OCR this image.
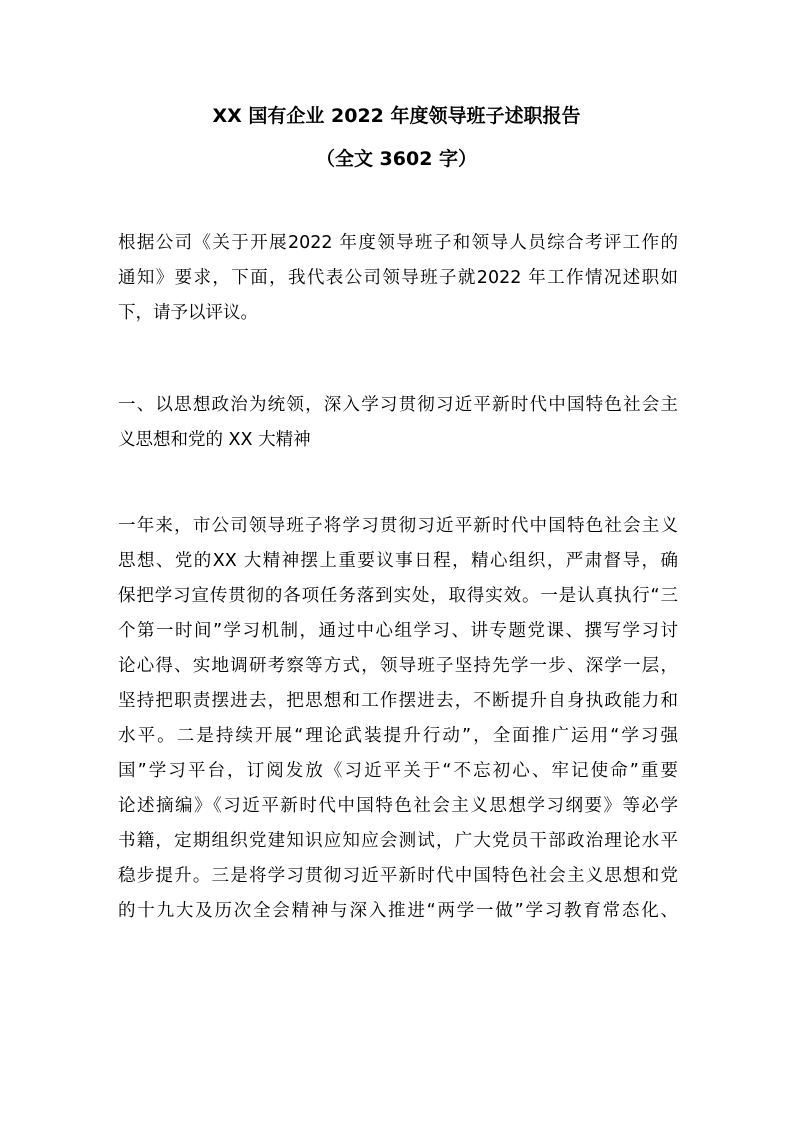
XX 国有企业 2022 年度领导班子述职报告
（全文 3602 字）
根据公司《关于开展2022 年度领导班子和领导人员综合考评工作的
通知》要求，下面，我代表公司领导班子就2022 年工作情况述职如
下，请予以评议。
一、以思想政治为统领，深入学习贯彻习近平新时代中国特色社会主
义思想和党的 XX 大精神
一年来，市公司领导班子将学习贯彻习近平新时代中国特色社会主义
思想、党的XX 大精神摆上重要议事日程，精心组织，严肃督导，确
保把学习宣传贯彻的各项任务落到实处，取得实效。一是认真执行“三
个第一时间”学习机制，通过中心组学习、讲专题党课、撰写学习讨
论心得、实地调研考察等方式，领导班子坚持先学一步、深学一层，
坚持把职责摆进去，把思想和工作摆进去，不断提升自身执政能力和
水平。二是持续开展“理论武装提升行动”，全面推广运用“学习强
国”学习平台，订阅发放《习近平关于“不忘初心、牢记使命”重要
论述摘编》《习近平新时代中国特色社会主义思想学习纲要》等必学
书籍，定期组织党建知识应知应会测试，广大党员干部政治理论水平
稳步提升。三是将学习贯彻习近平新时代中国特色社会主义思想和党
的十九大及历次全会精神与深入推进“两学一做”学习教育常态化、
